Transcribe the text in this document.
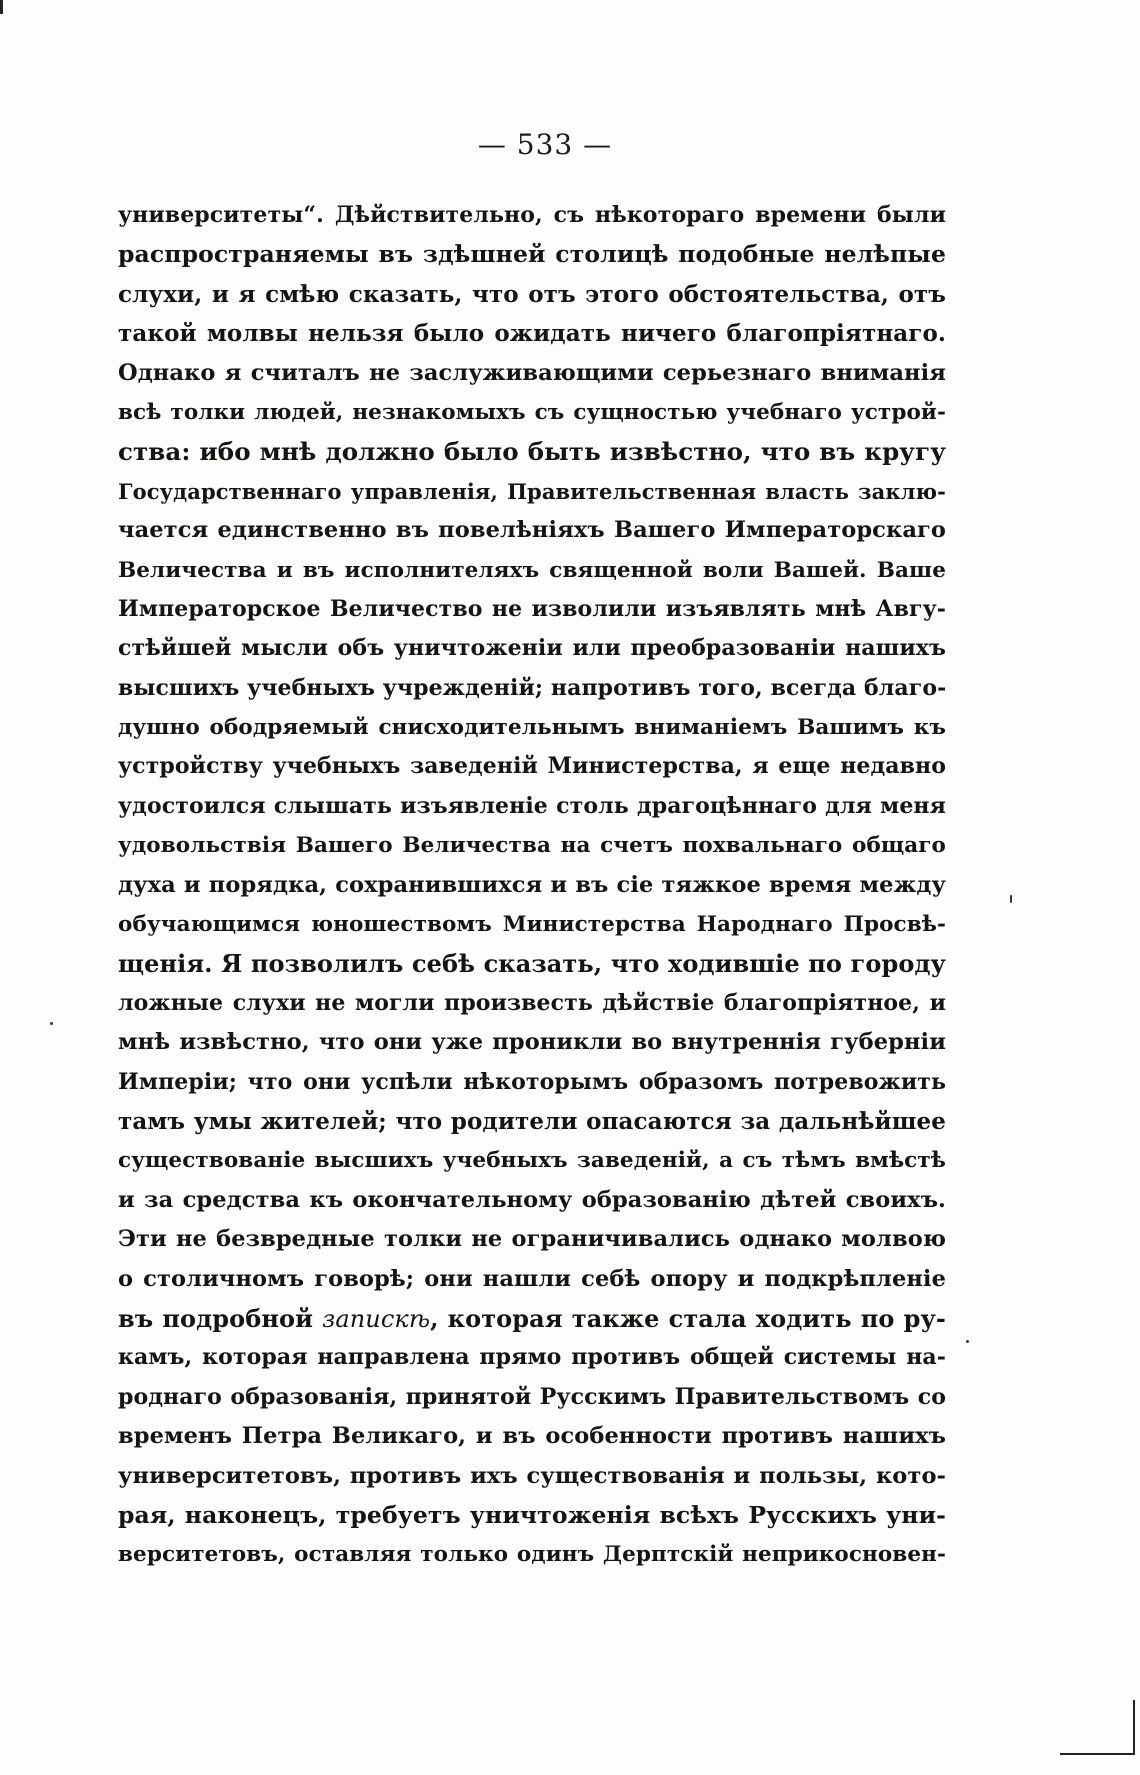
— 533 —
университеты“. Дѣйствительно, съ нѣкотораго времени были
распространяемы въ здѣшней столицѣ подобные нелѣпые
слухи, и я смѣю сказать, что отъ этого обстоятельства, отъ
такой молвы нельзя было ожидать ничего благопріятнаго.
Однако я считалъ не заслуживающими серьезнаго вниманія
всѣ толки людей, незнакомыхъ съ сущностью учебнаго устрой-
ства: ибо мнѣ должно было быть извѣстно, что въ кругу
Государственнаго управленія, Правительственная власть заклю-
чается единственно въ повелѣніяхъ Вашего Императорскаго
Величества и въ исполнителяхъ священной воли Вашей. Ваше
Императорское Величество не изволили изъявлять мнѣ Авгу-
стѣйшей мысли объ уничтоженіи или преобразованіи нашихъ
высшихъ учебныхъ учрежденій; напротивъ того, всегда благо-
душно ободряемый снисходительнымъ вниманіемъ Вашимъ къ
устройству учебныхъ заведеній Министерства, я еще недавно
удостоился слышать изъявленіе столь драгоцѣннаго для меня
удовольствія Вашего Величества на счетъ похвальнаго общаго
духа и порядка, сохранившихся и въ сіе тяжкое время между
обучающимся юношествомъ Министерства Народнаго Просвѣ-
щенія. Я позволилъ себѣ сказать, что ходившіе по городу
ложные слухи не могли произвесть дѣйствіе благопріятное, и
мнѣ извѣстно, что они уже проникли во внутреннія губерніи
Имперіи; что они успѣли нѣкоторымъ образомъ потревожить
тамъ умы жителей; что родители опасаются за дальнѣйшее
существованіе высшихъ учебныхъ заведеній, а съ тѣмъ вмѣстѣ
и за средства къ окончательному образованію дѣтей своихъ.
Эти не безвредные толки не ограничивались однако молвою
о столичномъ говорѣ; они нашли себѣ опору и подкрѣпленіе
въ подробной запискѣ, которая также стала ходить по ру-
камъ, которая направлена прямо противъ общей системы на-
роднаго образованія, принятой Русскимъ Правительствомъ со
временъ Петра Великаго, и въ особенности противъ нашихъ
университетовъ, противъ ихъ существованія и пользы, кото-
рая, наконецъ, требуетъ уничтоженія всѣхъ Русскихъ уни-
верситетовъ, оставляя только одинъ Дерптскій неприкосновен-
